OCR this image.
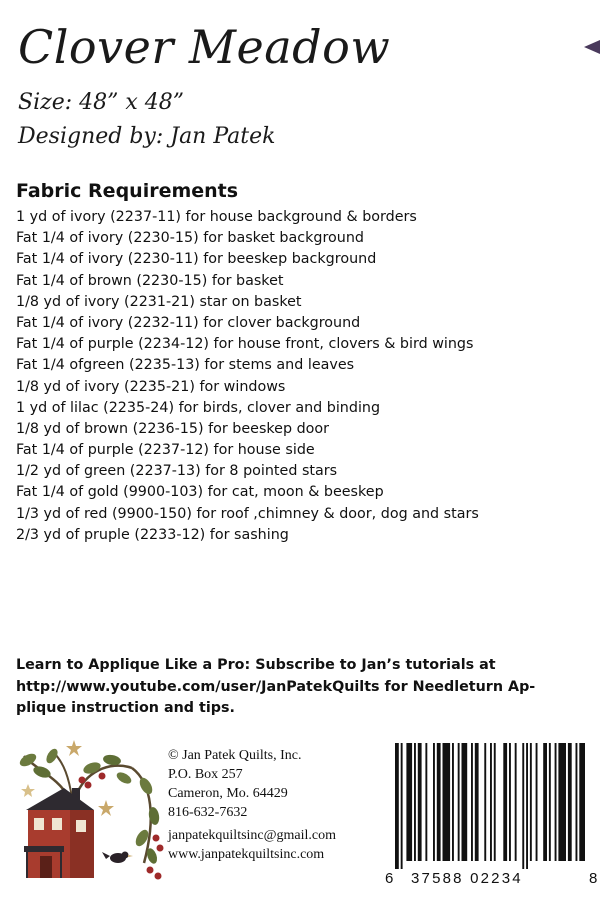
Clover Meadow

Size: 48” x 48”

Designed by: Jan Patek

Fabric Requirements
1 yd of ivory (2237-11) for house background & borders
Fat 1/4 of ivory (2230-15) for basket background
Fat 1/4 of ivory (2230-11) for beeskep background
Fat 1/4 of brown (2230-15) for basket
1/8 yd of ivory (2231-21) star on basket
Fat 1/4 of ivory (2232-11) for clover background
Fat 1/4 of purple (2234-12) for house front, clovers & bird wings
Fat 1/4 ofgreen (2235-13) for stems and leaves
1/8 yd of ivory (2235-21) for windows
1 yd of lilac (2235-24) for birds, clover and binding
1/8 yd of brown (2236-15) for beeskep door
Fat 1/4 of purple (2237-12) for house side
1/2 yd of green (2237-13) for 8 pointed stars
Fat 1/4 of gold (9900-103) for cat, moon & beeskep
1/3 yd of red (9900-150) for roof ,chimney & door, dog and stars
2/3 yd of pruple (2233-12) for sashing
Learn to Applique Like a Pro: Subscribe to Jan’s tutorials at
http://www.youtube.com/user/JanPatekQuilts for Needleturn Ap-
plique instruction and tips.
© Jan Patek Quilts, Inc.
P.O. Box 257
Cameron, Mo. 64429
816-632-7632
janpatekquiltsinc@gmail.com
www.janpatekquiltsinc.com
6 37588 02234	8
